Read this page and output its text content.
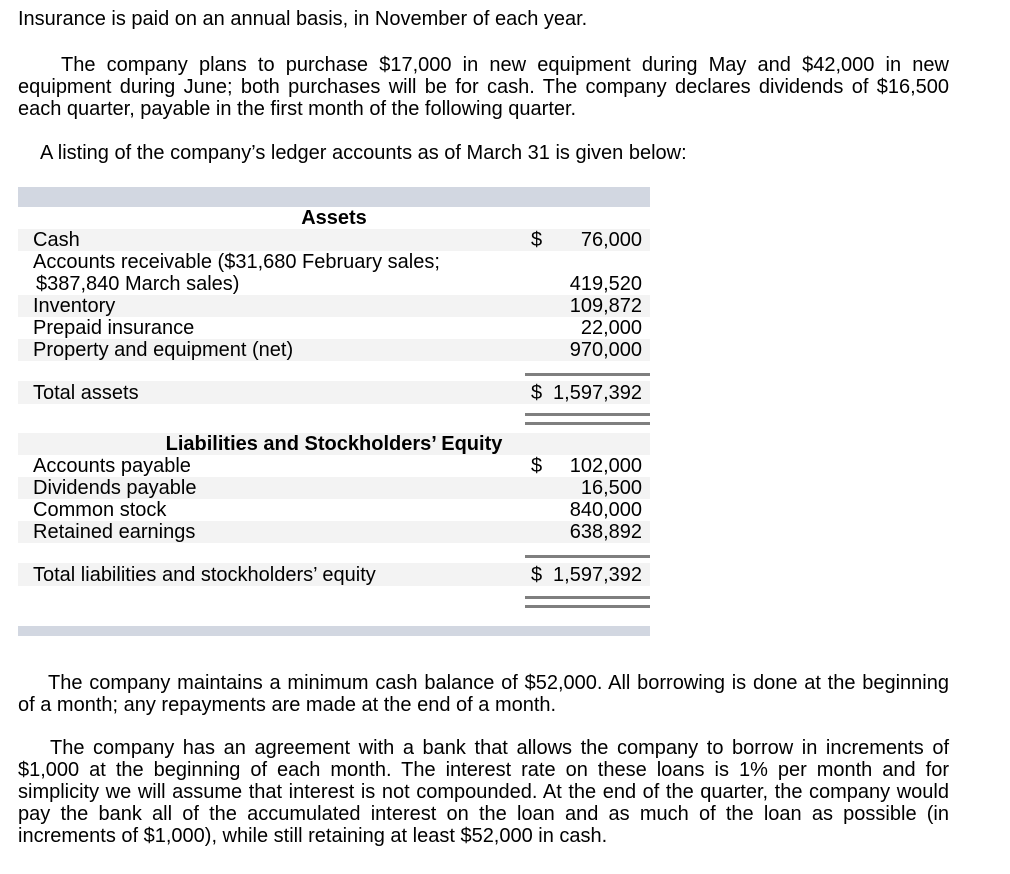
Insurance is paid on an annual basis, in November of each year.

The company plans to purchase $17,000 in new equipment during May and $42,000 in new equipment during June; both purchases will be for cash. The company declares dividends of $16,500 each quarter, payable in the first month of the following quarter.

A listing of the company’s ledger accounts as of March 31 is given below:

Assets		
Cash	$	76,000

Accounts receivable ($31,680 February sales;
$387,840 March sales)		419,520
Inventory		109,872
Prepaid insurance		22,000
Property and equipment (net)		970,000

Total assets	$	1,597,392

Liabilities and Stockholders’ Equity		
Accounts payable	$	102,000
Dividends payable		16,500
Common stock		840,000
Retained earnings		638,892

Total liabilities and stockholders’ equity	$	1,597,392

The company maintains a minimum cash balance of $52,000. All borrowing is done at the beginning of a month; any repayments are made at the end of a month.

The company has an agreement with a bank that allows the company to borrow in increments of $1,000 at the beginning of each month. The interest rate on these loans is 1% per month and for simplicity we will assume that interest is not compounded. At the end of the quarter, the company would pay the bank all of the accumulated interest on the loan and as much of the loan as possible (in increments of $1,000), while still retaining at least $52,000 in cash.
